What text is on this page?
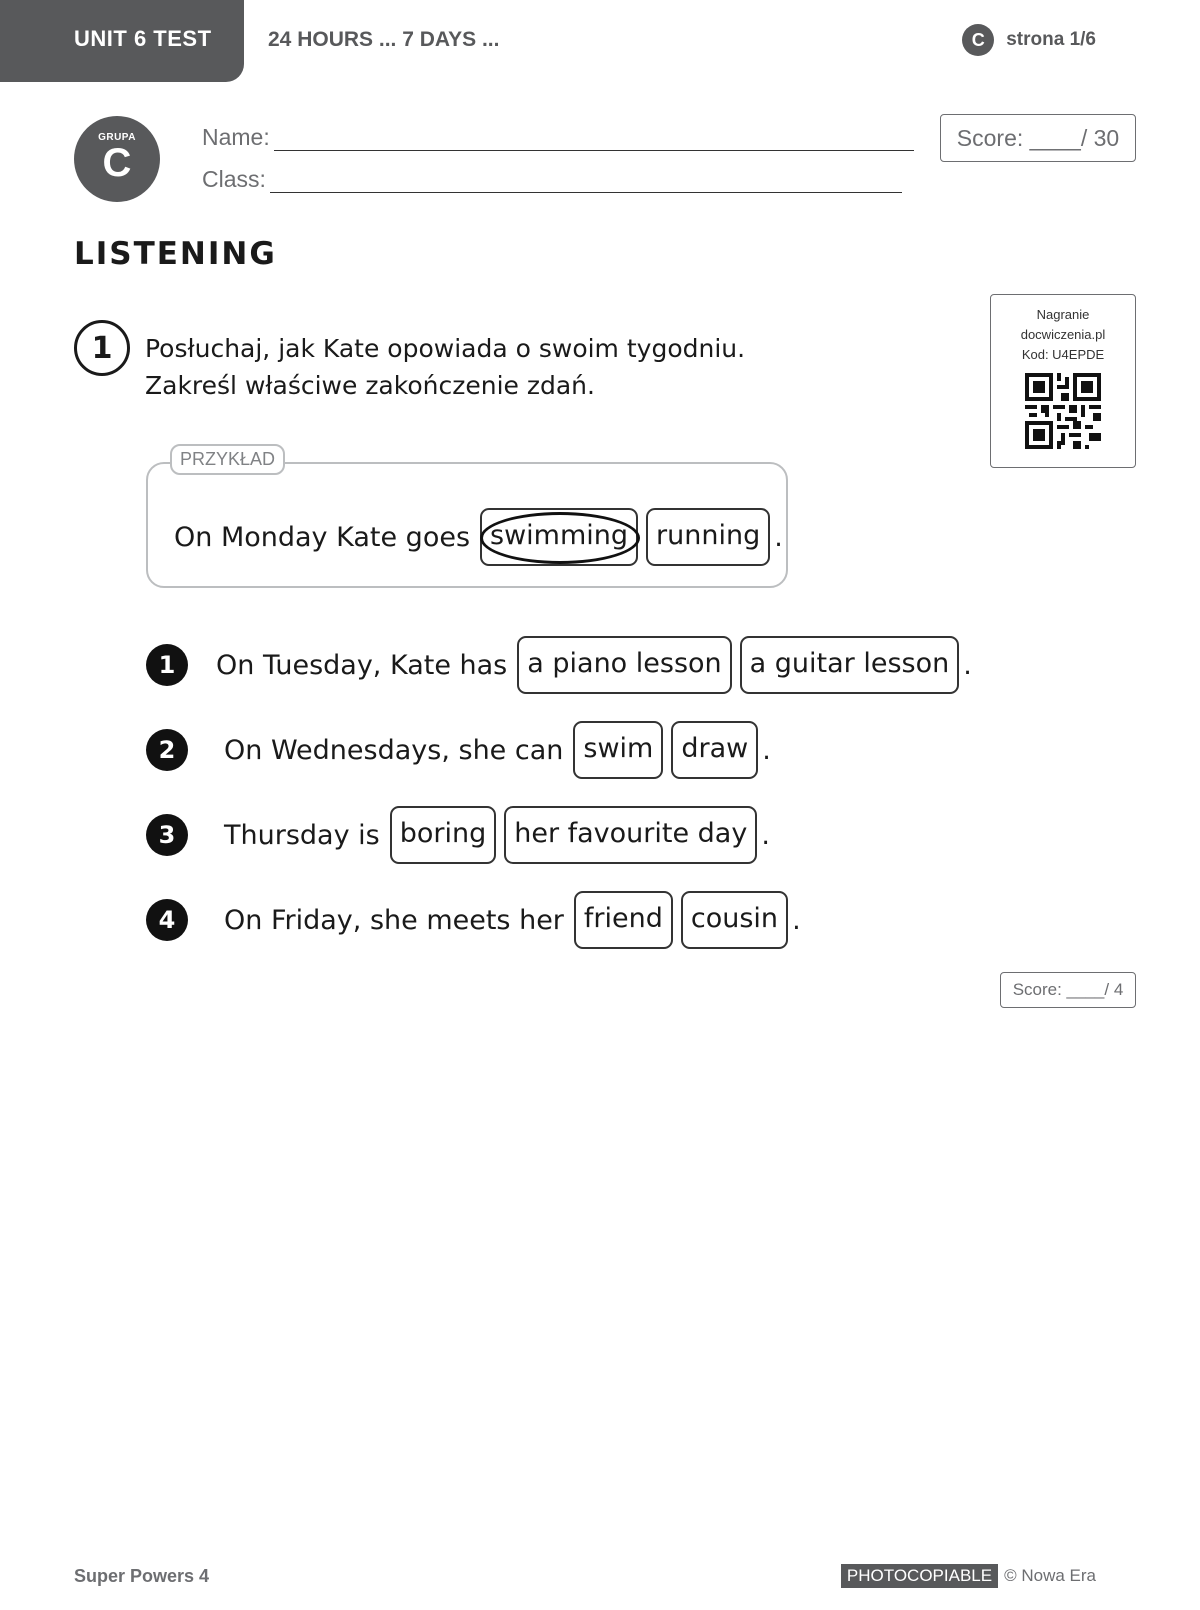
UNIT 6 TEST	24 HOURS ... 7 DAYS ...	C	strona 1/6
GRUPA
C
Name:
Class:
Score: ____/ 30
LISTENING
Nagranie
docwiczenia.pl
Kod: U4EPDE
1	Posłuchaj, jak Kate opowiada o swoim tygodniu.
Zakreśl właściwe zakończenie zdań.
PRZYKŁAD
On Monday Kate goes swimming	running .
1	On Tuesday, Kate has a piano lesson	a guitar lesson .
2	On Wednesdays, she can swim	draw .
3	Thursday is boring	her favourite day .
4	On Friday, she meets her friend	cousin .
Score: ____/ 4
Super Powers 4	PHOTOCOPIABLE © Nowa Era
